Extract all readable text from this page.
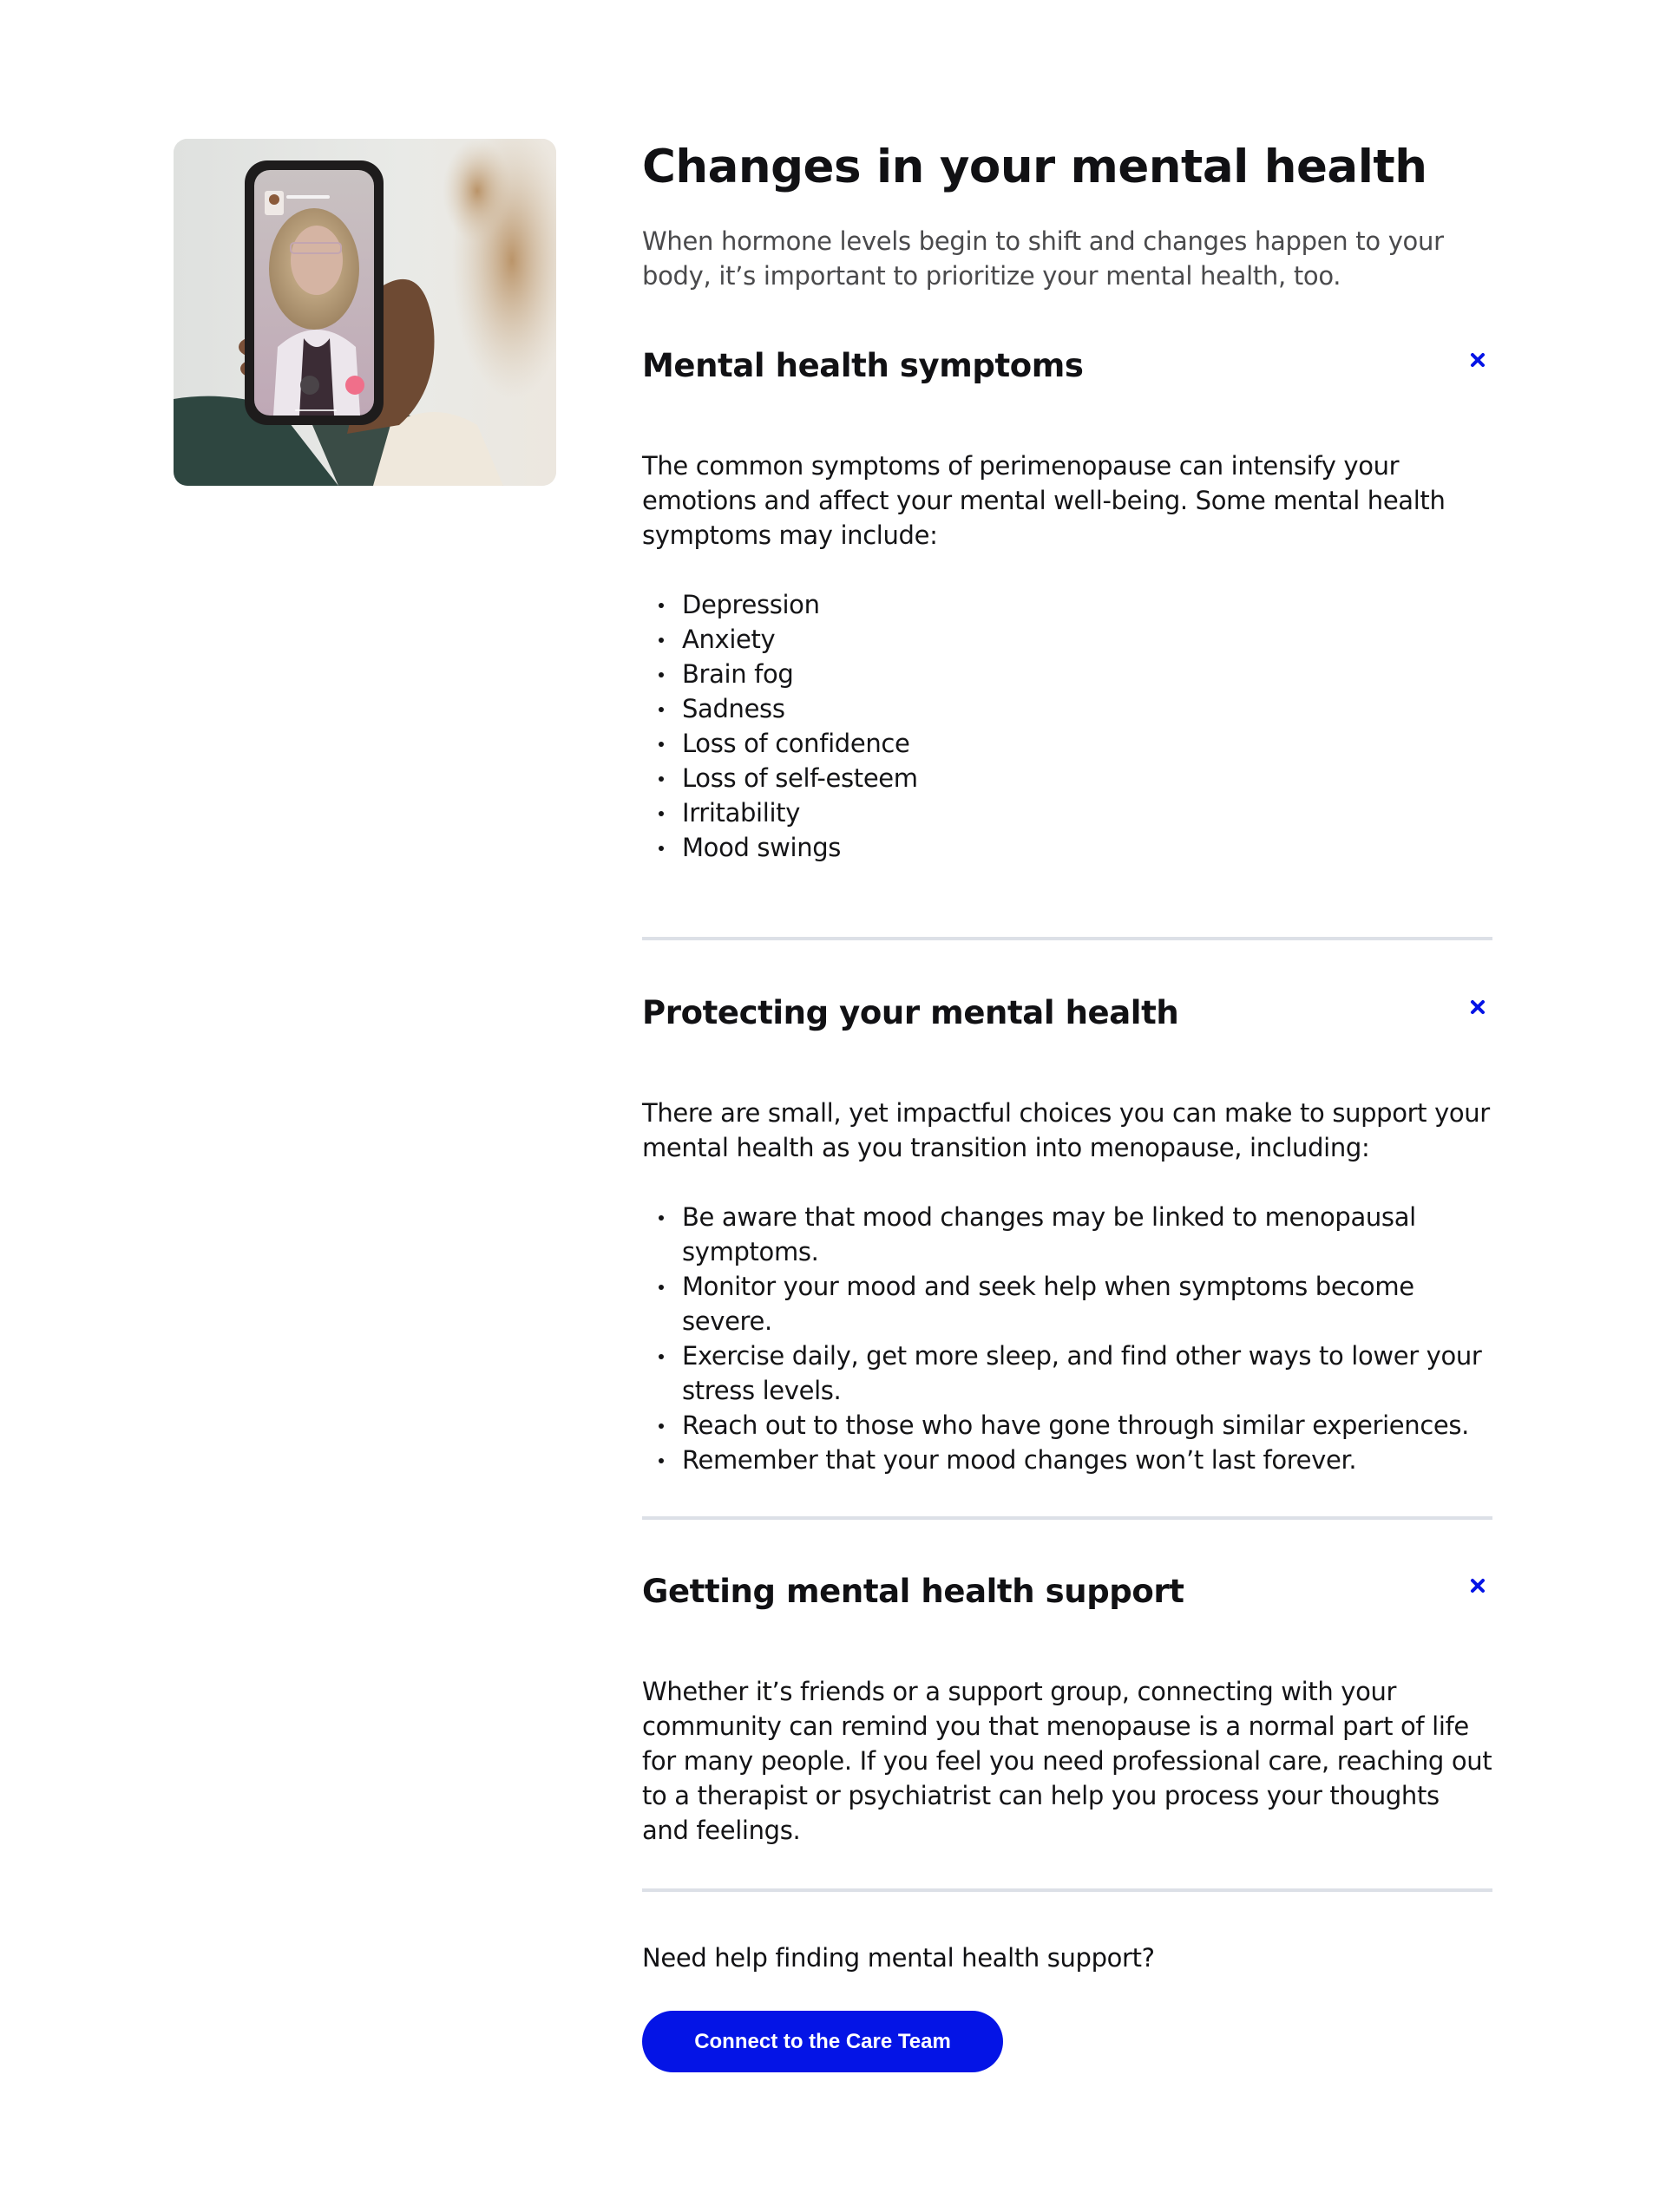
Changes in your mental health

When hormone levels begin to shift and changes happen to your body, it’s important to prioritize your mental health, too.

Mental health symptoms

The common symptoms of perimenopause can intensify your emotions and affect your mental well-being. Some mental health symptoms may include:

Depression
Anxiety
Brain fog
Sadness
Loss of confidence
Loss of self-esteem
Irritability
Mood swings
Protecting your mental health

There are small, yet impactful choices you can make to support your mental health as you transition into menopause, including:

Be aware that mood changes may be linked to menopausal symptoms.
Monitor your mood and seek help when symptoms become severe.
Exercise daily, get more sleep, and find other ways to lower your stress levels.
Reach out to those who have gone through similar experiences.
Remember that your mood changes won’t last forever.
Getting mental health support

Whether it’s friends or a support group, connecting with your community can remind you that menopause is a normal part of life for many people. If you feel you need professional care, reaching out to a therapist or psychiatrist can help you process your thoughts and feelings.

Need help finding mental health support?
Connect to the Care Team
